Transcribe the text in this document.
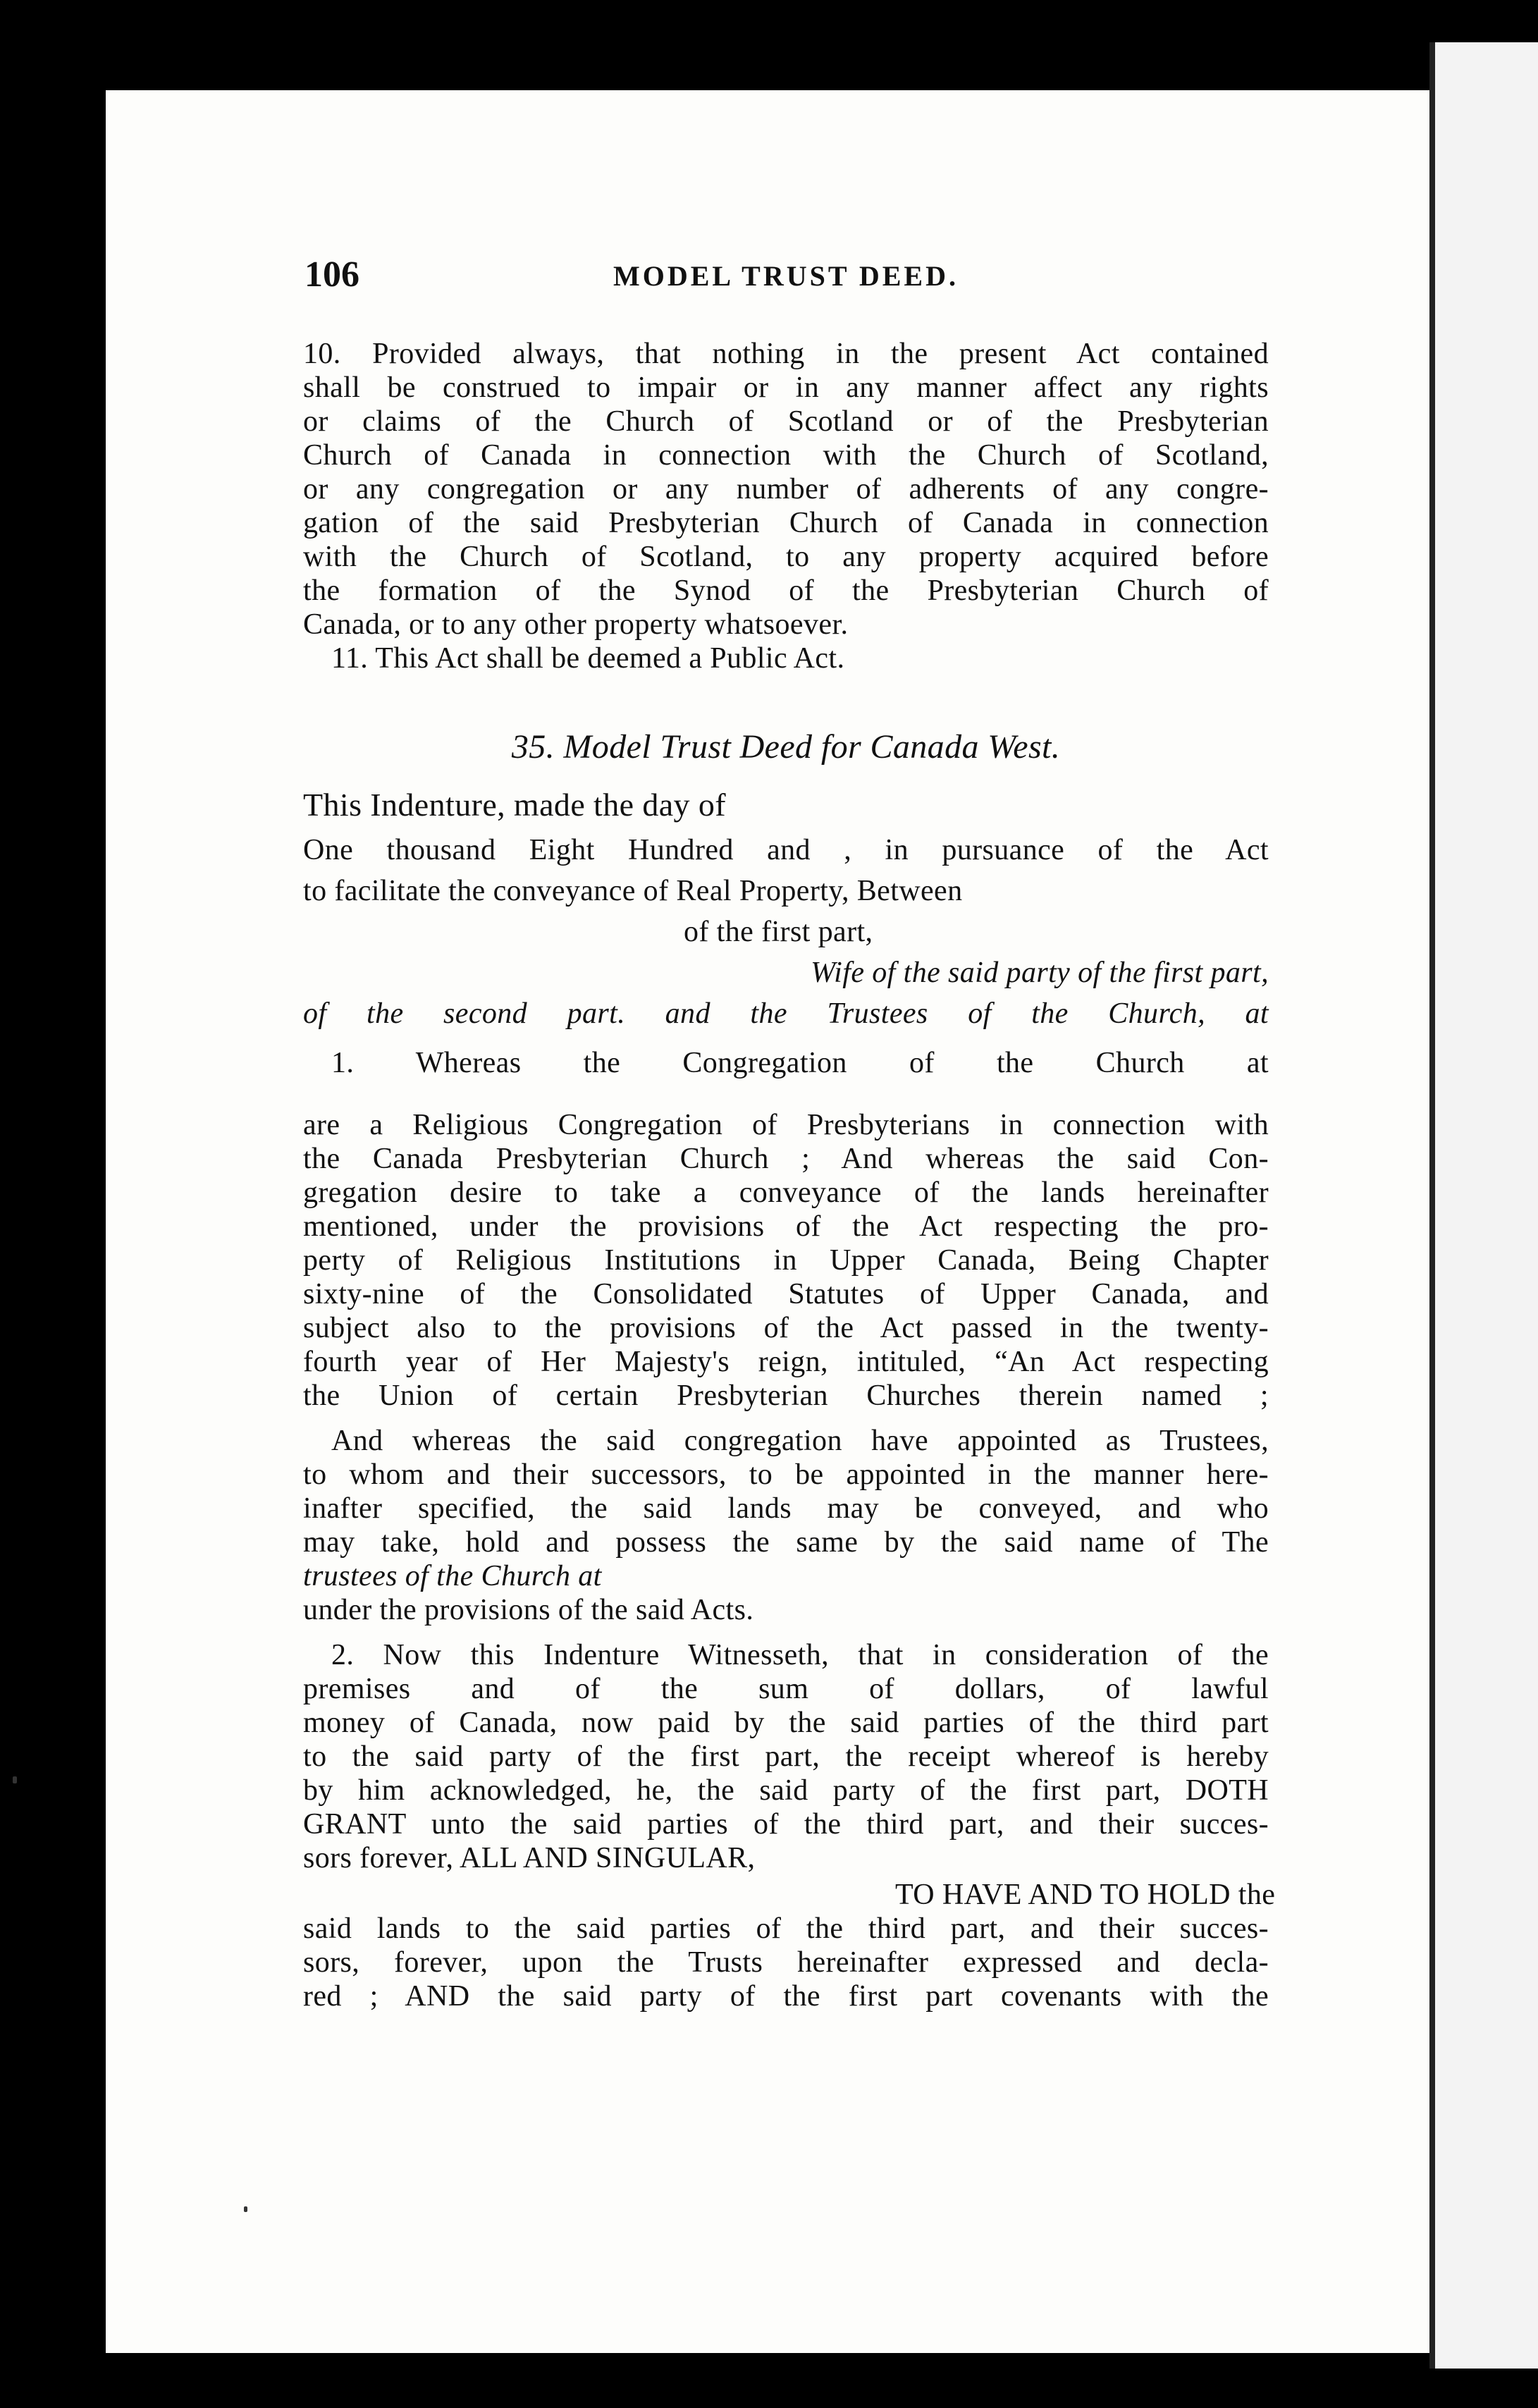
106	MODEL TRUST DEED.
10. Provided always, that nothing in the present Act contained
shall be construed to impair or in any manner affect any rights
or claims of the Church of Scotland or of the Presbyterian
Church of Canada in connection with the Church of Scotland,
or any congregation or any number of adherents of any congre-
gation of the said Presbyterian Church of Canada in connection
with the Church of Scotland, to any property acquired before
the formation of the Synod of the Presbyterian Church of
Canada, or to any other property whatsoever.
11. This Act shall be deemed a Public Act.
35. Model Trust Deed for Canada West.
This Indenture, made the day of
One thousand Eight Hundred and , in pursuance of the Act
to facilitate the conveyance of Real Property, Between
of the first part,
Wife of the said party of the first part,
of the second part. and the Trustees of the Church, at
1. Whereas the Congregation of the Church at
are a Religious Congregation of Presbyterians in connection with
the Canada Presbyterian Church ; And whereas the said Con-
gregation desire to take a conveyance of the lands hereinafter
mentioned, under the provisions of the Act respecting the pro-
perty of Religious Institutions in Upper Canada, Being Chapter
sixty-nine of the Consolidated Statutes of Upper Canada, and
subject also to the provisions of the Act passed in the twenty-
fourth year of Her Majesty's reign, intituled, “An Act respecting
the Union of certain Presbyterian Churches therein named ;
And whereas the said congregation have appointed as Trustees,
to whom and their successors, to be appointed in the manner here-
inafter specified, the said lands may be conveyed, and who
may take, hold and possess the same by the said name of The
trustees of the Church at
under the provisions of the said Acts.
2. Now this Indenture Witnesseth, that in consideration of the
premises and of the sum of dollars, of lawful
money of Canada, now paid by the said parties of the third part
to the said party of the first part, the receipt whereof is hereby
by him acknowledged, he, the said party of the first part, DOTH
GRANT unto the said parties of the third part, and their succes-
sors forever, ALL AND SINGULAR,
TO HAVE AND TO HOLD the
said lands to the said parties of the third part, and their succes-
sors, forever, upon the Trusts hereinafter expressed and decla-
red ; AND the said party of the first part covenants with the
